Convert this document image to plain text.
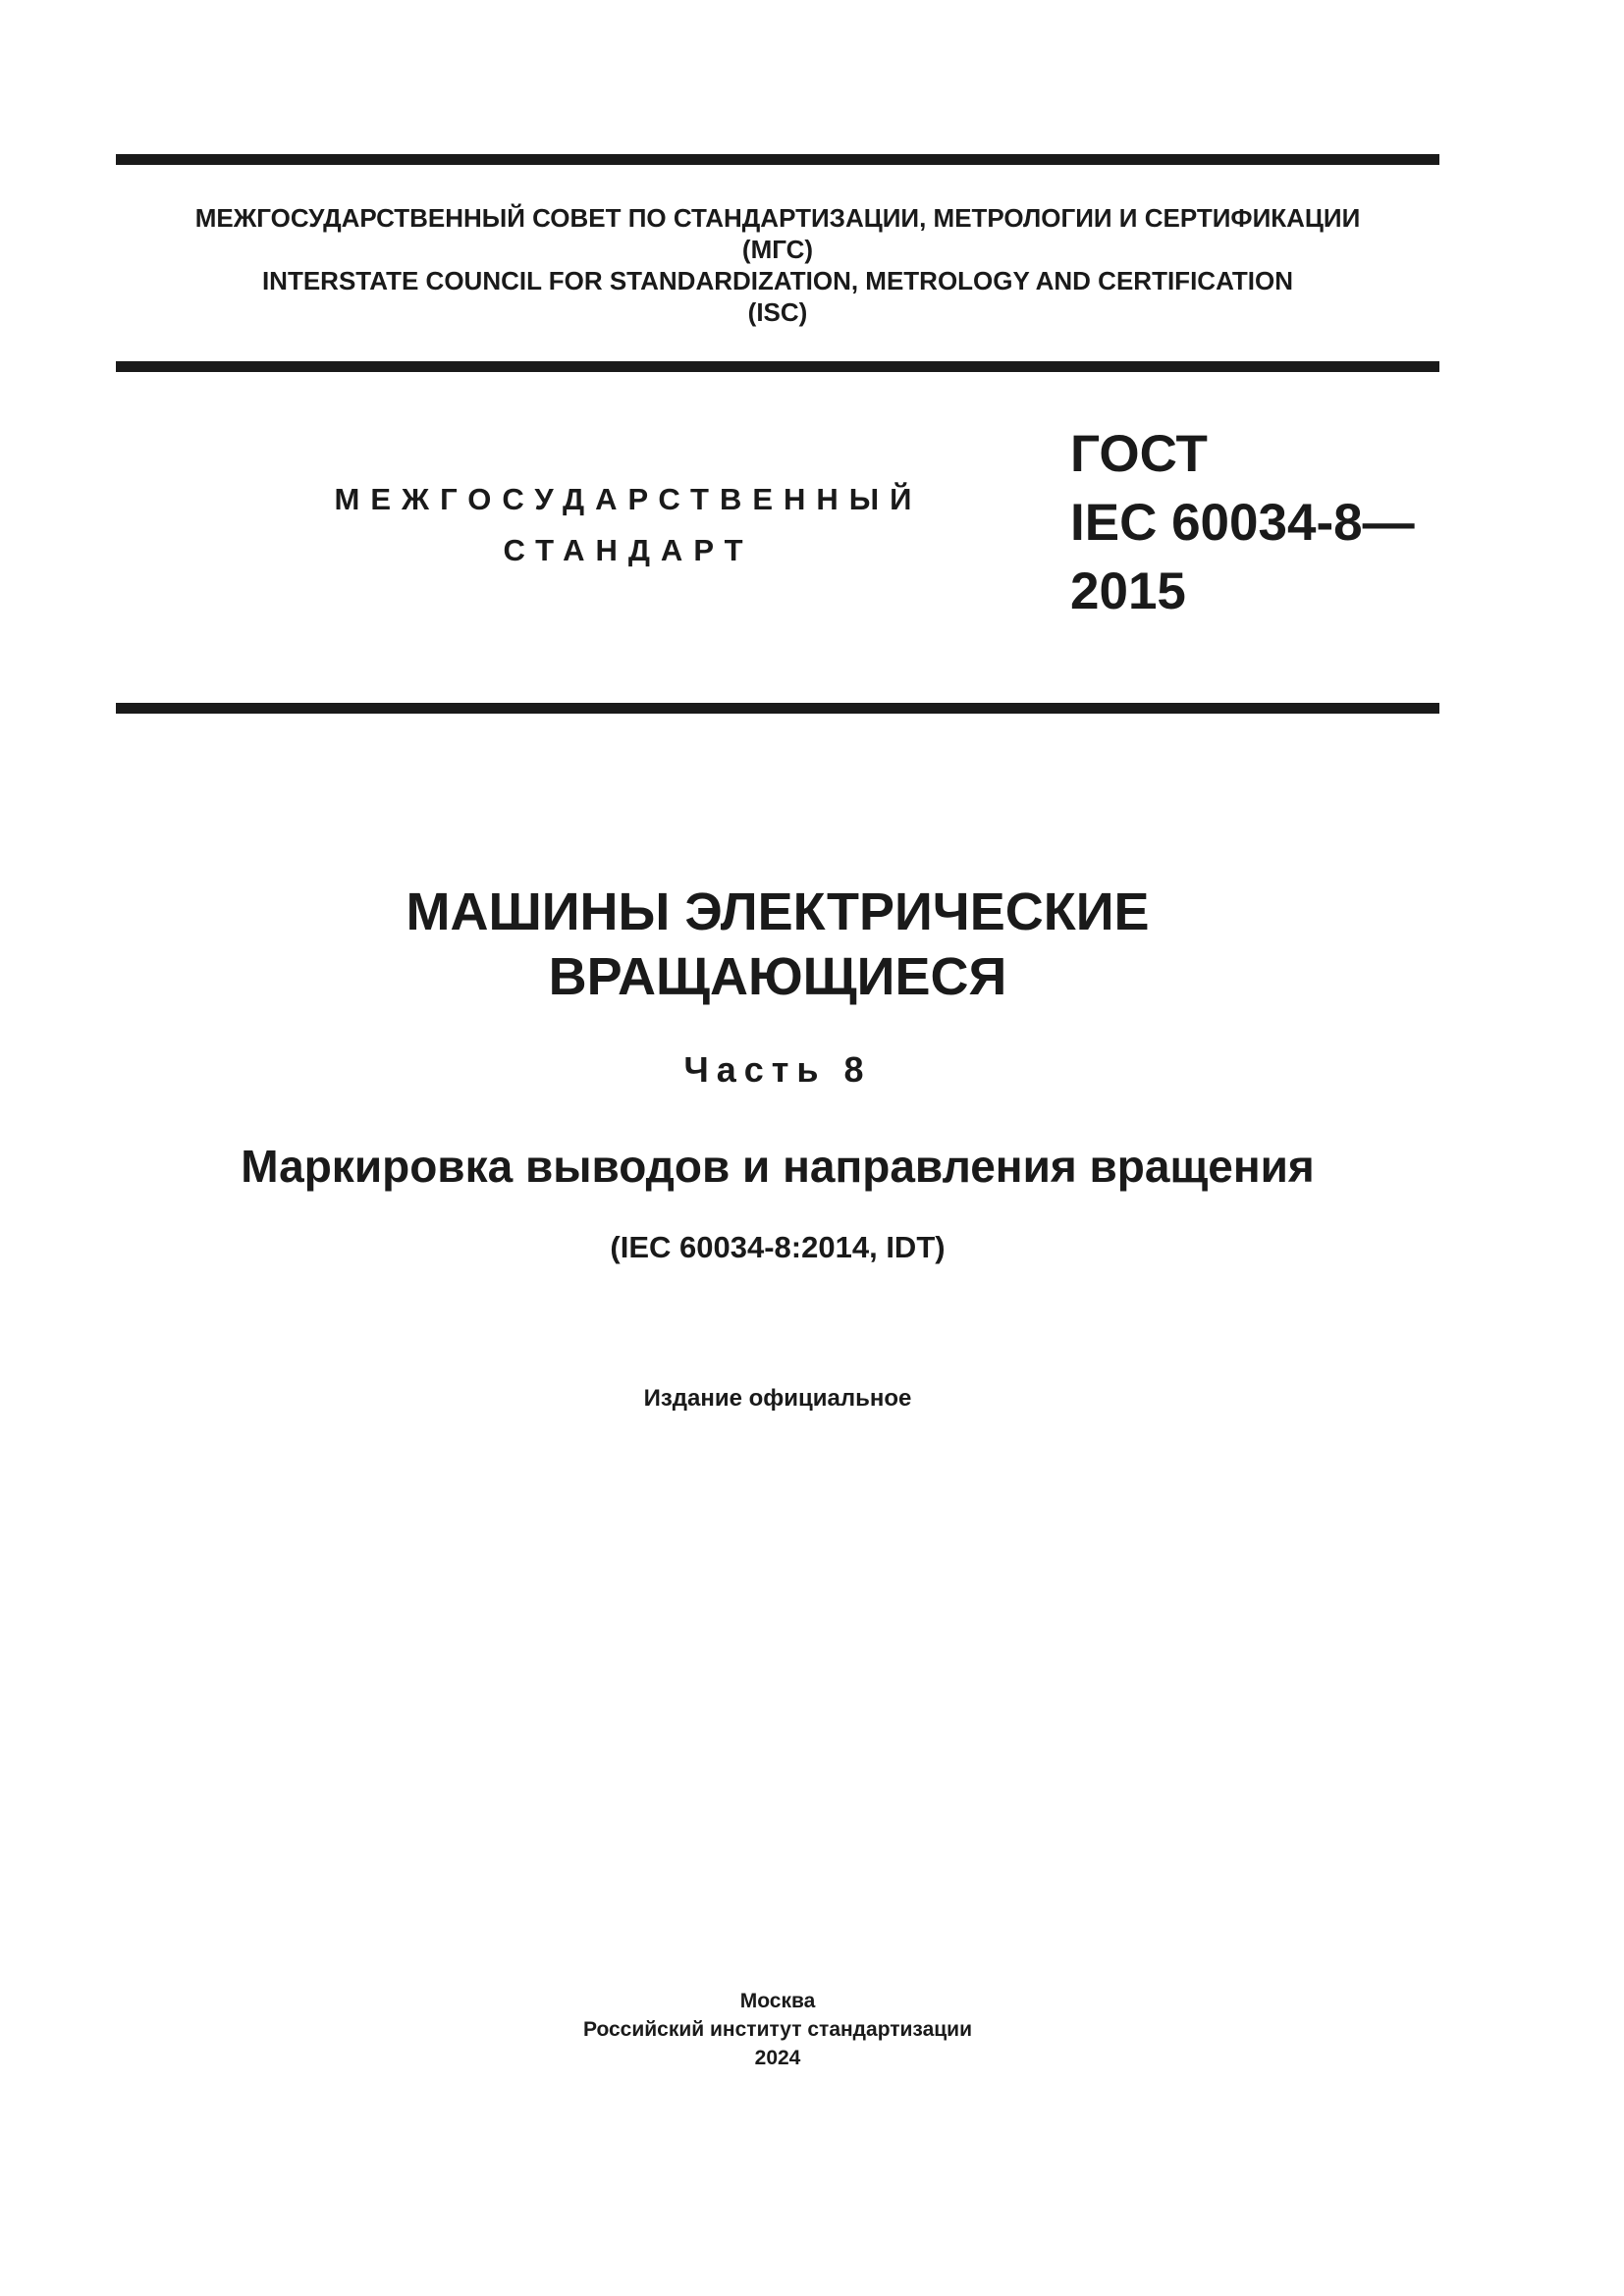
МЕЖГОСУДАРСТВЕННЫЙ СОВЕТ ПО СТАНДАРТИЗАЦИИ, МЕТРОЛОГИИ И СЕРТИФИКАЦИИ
(МГС)
INTERSTATE COUNCIL FOR STANDARDIZATION, METROLOGY AND CERTIFICATION
(ISC)
МЕЖГОСУДАРСТВЕННЫЙ
СТАНДАРТ
ГОСТ
IEC 60034-8—
2015
МАШИНЫ ЭЛЕКТРИЧЕСКИЕ
ВРАЩАЮЩИЕСЯ
Часть 8
Маркировка выводов и направления вращения
(IEC 60034-8:2014, IDT)
Издание официальное
Москва
Российский институт стандартизации
2024
